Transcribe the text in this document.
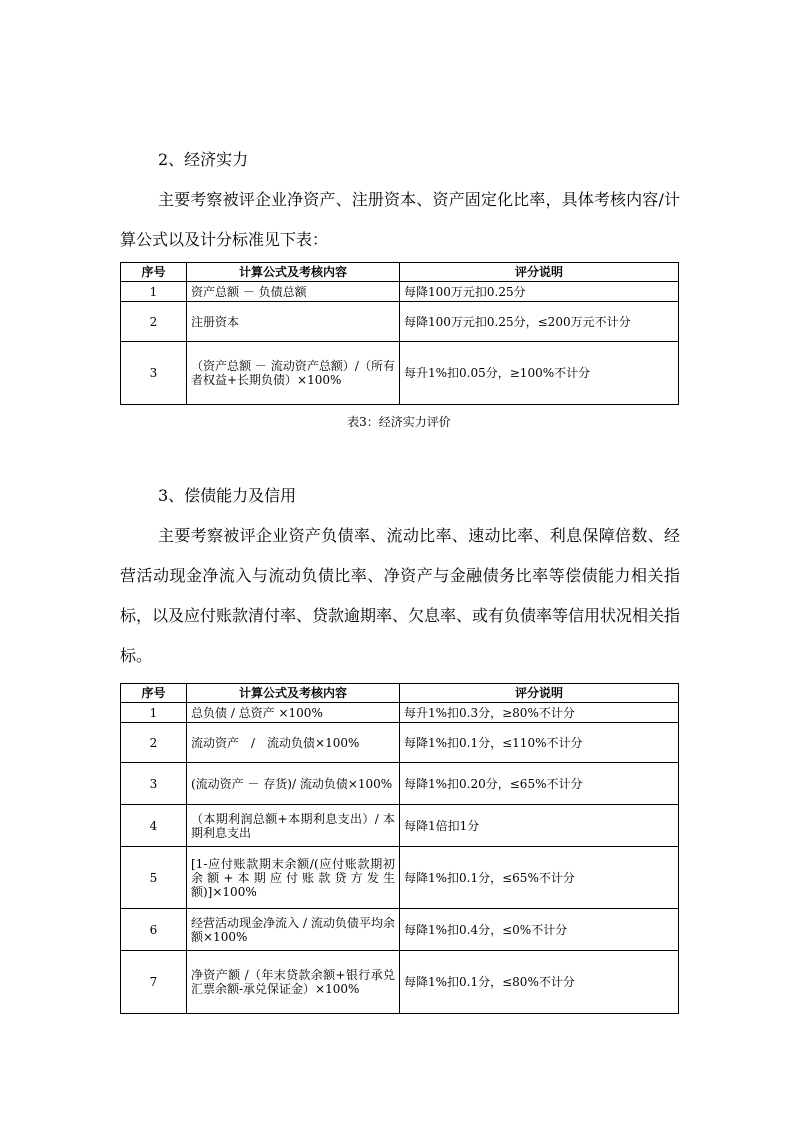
2、经济实力

主要考察被评企业净资产、注册资本、资产固定化比率，具体考核内容/计算公式以及计分标准见下表：

序号	计算公式及考核内容	评分说明
1	资产总额 － 负债总额	每降100万元扣0.25分
2	注册资本	每降100万元扣0.25分，≤200万元不计分
3	（资产总额 － 流动资产总额）/（所有者权益+长期负债）×100%	每升1%扣0.05分，≥100%不计分
表3：经济实力评价
3、偿债能力及信用

主要考察被评企业资产负债率、流动比率、速动比率、利息保障倍数、经营活动现金净流入与流动负债比率、净资产与金融债务比率等偿债能力相关指标，以及应付账款清付率、贷款逾期率、欠息率、或有负债率等信用状况相关指标。

序号	计算公式及考核内容	评分说明
1	总负债 / 总资产 ×100%	每升1%扣0.3分，≥80%不计分
2	流动资产　/　流动负债×100%	每降1%扣0.1分，≤110%不计分
3	(流动资产 － 存货)/ 流动负债×100%	每降1%扣0.20分，≤65%不计分
4	（本期利润总额+本期利息支出）/ 本期利息支出	每降1倍扣1分
5	[1-应付账款期末余额/(应付账款期初余额+本期应付账款贷方发生额)]×100%	每降1%扣0.1分，≤65%不计分
6	经营活动现金净流入 / 流动负债平均余额×100%	每降1%扣0.4分，≤0%不计分
7	净资产额 /（年末贷款余额+银行承兑汇票余额-承兑保证金）×100%	每降1%扣0.1分，≤80%不计分
